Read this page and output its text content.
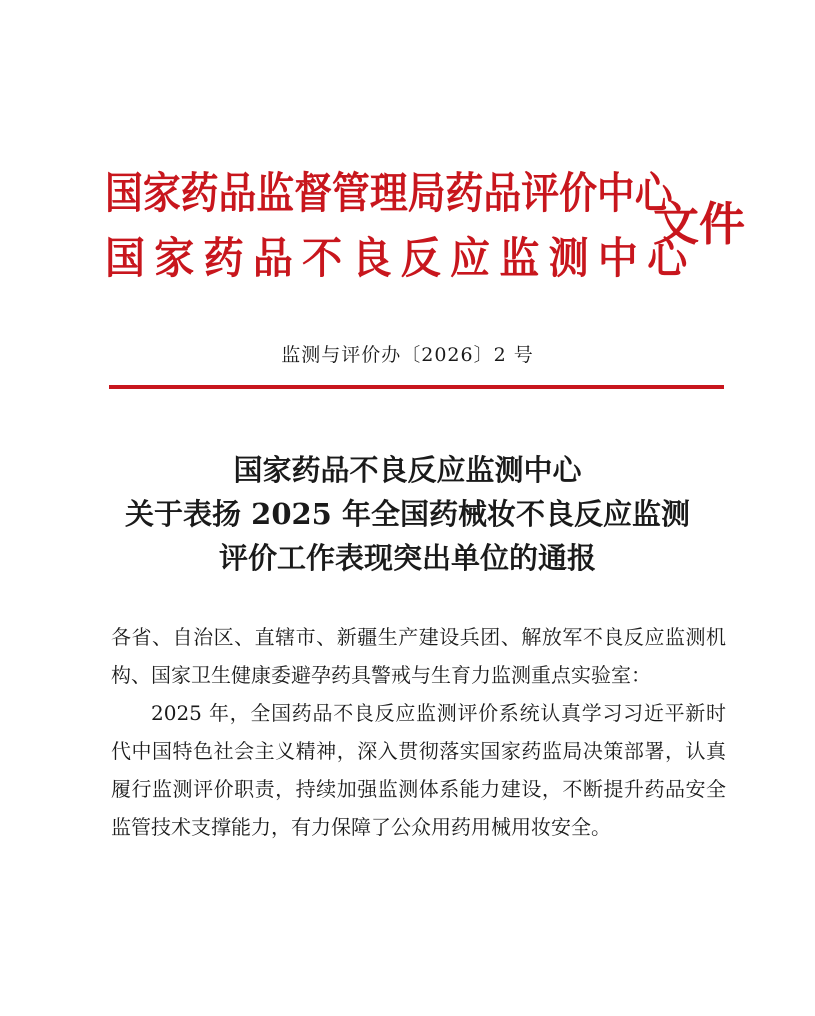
国家药品监督管理局药品评价中心
国家药品不良反应监测中心
文件
监测与评价办〔2026〕2 号
国家药品不良反应监测中心
关于表扬 2025 年全国药械妆不良反应监测
评价工作表现突出单位的通报

各省、自治区、直辖市、新疆生产建设兵团、解放军不良反应监测机构、国家卫生健康委避孕药具警戒与生育力监测重点实验室：

2025 年，全国药品不良反应监测评价系统认真学习习近平新时代中国特色社会主义精神，深入贯彻落实国家药监局决策部署，认真履行监测评价职责，持续加强监测体系能力建设，不断提升药品安全监管技术支撑能力，有力保障了公众用药用械用妆安全。
